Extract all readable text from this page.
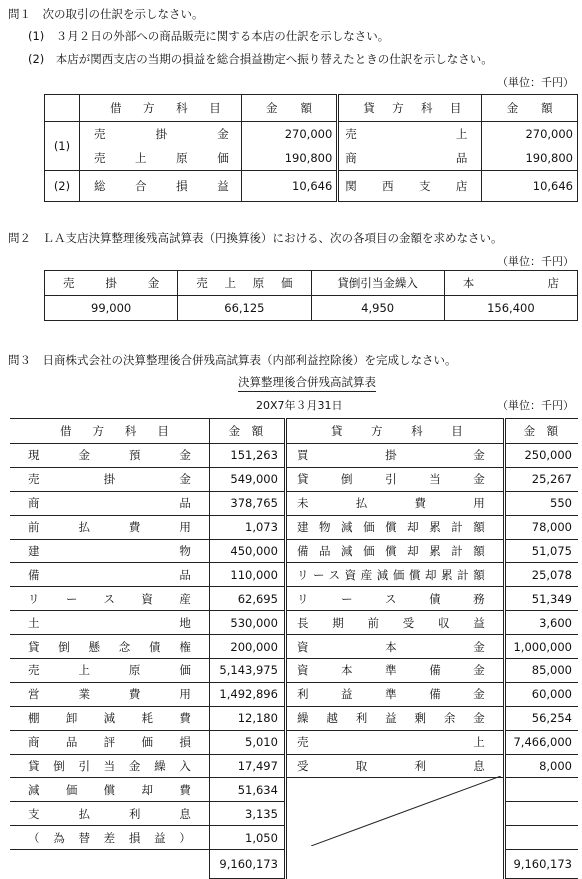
問１　次の取引の仕訳を示しなさい。
(1)　３月２日の外部への商品販売に関する本店の仕訳を示しなさい。
(2)　本店が関西支店の当期の損益を総合損益勘定へ振り替えたときの仕訳を示しなさい。
（単位：千円）
	借方科目	金　　額	貸方科目	金　　額
(1)	売掛金	270,000	売上	270,000
	売上原価	190,800	商品	190,800
(2)	総合損益	10,646	関西支店	10,646
問２　ＬＡ支店決算整理後残高試算表（円換算後）における、次の各項目の金額を求めなさい。
（単位：千円）
売掛金	売上原価	貸倒引当金繰入	本店
99,000	66,125	4,950	156,400
問３　日商株式会社の決算整理後合併残高試算表（内部利益控除後）を完成しなさい。
決算整理後合併残高試算表
20X7年３月31日	（単位：千円）
借方科目	金　額	貸方科目	金　額
現金預金	151,263	買掛金	250,000
売掛金	549,000	貸倒引当金	25,267
商品	378,765	未払費用	550
前払費用	1,073	建物減価償却累計額	78,000
建物	450,000	備品減価償却累計額	51,075
備品	110,000	リース資産減価償却累計額	25,078
リース資産	62,695	リース債務	51,349
土地	530,000	長期前受収益	3,600
貸倒懸念債権	200,000	資本金	1,000,000
売上原価	5,143,975	資本準備金	85,000
営業費用	1,492,896	利益準備金	60,000
棚卸減耗費	12,180	繰越利益剰余金	56,254
商品評価損	5,010	売上	7,466,000
貸倒引当金繰入	17,497	受取利息	8,000
減価償却費	51,634		
支払利息	3,135		
（為替差損益）	1,050		
	9,160,173		9,160,173
